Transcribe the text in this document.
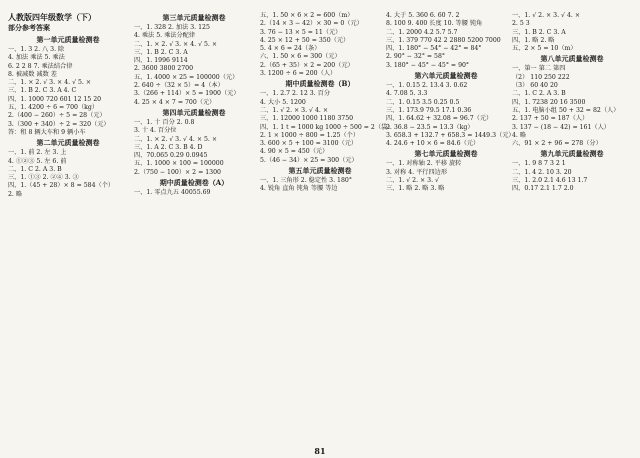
人教版四年级数学（下）
部分参考答案
第一单元质量检测卷
一、1. 3 2. 八 3. 除
4. 加法 乘法 5. 乘法
6. 2 2 8 7. 乘法结合律
8. 被减数 减数 差
二、1. × 2. √ 3. × 4. √ 5. ×
三、1. B 2. C 3. A 4. C
四、1. 1000 720 601 12 15 20
五、1. 4200 ÷ 6 = 700（kg）
2.（400 − 260）÷ 5 = 28（元）
3.（300 + 340）÷ 2 = 320（元）
答：租 8 辆大车和 9 辆小车
第二单元质量检测卷
一、1. 前 2. 左 3. 上
4. ①②③ 5. 左 6. 前
二、1. C 2. A 3. B
三、1. ①③ 2. ②④ 3. ③
四、1.（45 + 28）× 8 = 584（个）
2. 略
第三单元质量检测卷
一、1. 328 2. 加法 3. 125
4. 乘法 5. 乘法分配律
二、1. × 2. √ 3. × 4. √ 5. ×
三、1. B 2. C 3. A
四、1. 1996 9114
2. 3600 3800 2700
五、1. 4000 × 25 = 100000（元）
2. 640 ÷（32 × 5）= 4（本）
3.（266 + 114）× 5 = 1900（元）
4. 25 × 4 × 7 = 700（元）
第四单元质量检测卷
一、1. 十 百分 2. 0.8
3. 十 4. 百分位
二、1. × 2. √ 3. √ 4. × 5. ×
三、1. A 2. C 3. B 4. D
四、70.065 0.29 0.0945
五、1. 1000 × 100 = 100000
2.（750 − 100）× 2 = 1300
期中质量检测卷（A）
一、1. 零点九五 40055.69
五、1. 50 × 6 × 2 = 600（m）
2.（14 × 3 − 42）× 30 = 0（元）
3. 76 − 13 × 5 = 11（元）
4. 25 × 12 + 50 = 350（元）
5. 4 × 6 = 24（条）
六、1. 50 × 6 = 300（元）
2.（65 + 35）× 2 = 200（元）
3. 1200 ÷ 6 = 200（人）
期中质量检测卷（B）
一、1. 2.7 2. 12 3. 百分
4. 大小 5. 1200
二、1. √ 2. × 3. √ 4. ×
三、1. 12000 1000 1180 3750
四、1. 1 t = 1000 kg 1000 ÷ 500 = 2（袋）
2. 1 × 1000 ÷ 800 = 1.25（个）
3. 600 × 5 + 100 = 3100（元）
4. 90 × 5 = 450（元）
5.（46 − 34）× 25 = 300（元）
第五单元质量检测卷
一、1. 三角形 2. 稳定性 3. 180°
4. 锐角 直角 钝角 等腰 等边
4. 大于 5. 360 6. 60 7. 2
8. 100 9. 400 长度 10. 等腰 钝角
二、1. 2000 4.2 5.7 5.7
三、1. 379 770 42 2 2880 5200 7000
四、1. 180° − 54° − 42° = 84°
2. 90° − 32° = 58°
3. 180° − 45° − 45° = 90°
第六单元质量检测卷
一、1. 0.15 2. 13.4 3. 0.62
4. 7.08 5. 3.3
二、1. 0.15 3.5 0.25 0.5
三、1. 173.9 79.5 17.1 0.36
四、1. 64.62 + 32.08 = 96.7（元）
2. 36.8 − 23.5 = 13.3（kg）
3. 658.3 + 132.7 + 658.3 = 1449.3（元）
4. 24.6 + 10 × 6 = 84.6（元）
第七单元质量检测卷
一、1. 对称轴 2. 平移 旋转
3. 对称 4. 平行四边形
二、1. √ 2. × 3. √
三、1. 略 2. 略 3. 略
一、1. √ 2. × 3. √ 4. ×
2. 5 3
三、1. B 2. C 3. A
四、1. 略 2. 略
五、2 × 5 = 10（m）
第八单元质量检测卷
一、第一 第二 第四
（2） 110 250 222
（3） 60 40 20
二、1. C 2. A 3. B
四、1. 7238 20 16 3500
五、1. 电脑小组 50 + 32 = 82（人）
2. 137 + 50 = 187（人）
3. 137 − (18 − 42) = 161（人）
4. 略
六、91 × 2 + 96 = 278（分）
第九单元质量检测卷
一、1. 9 8 7 3 2 1
二、1. 4 2. 10 3. 20
三、1. 2.0 2.1 4.6 13 1.7
四、0.17 2.1 1.7 2.0
81
